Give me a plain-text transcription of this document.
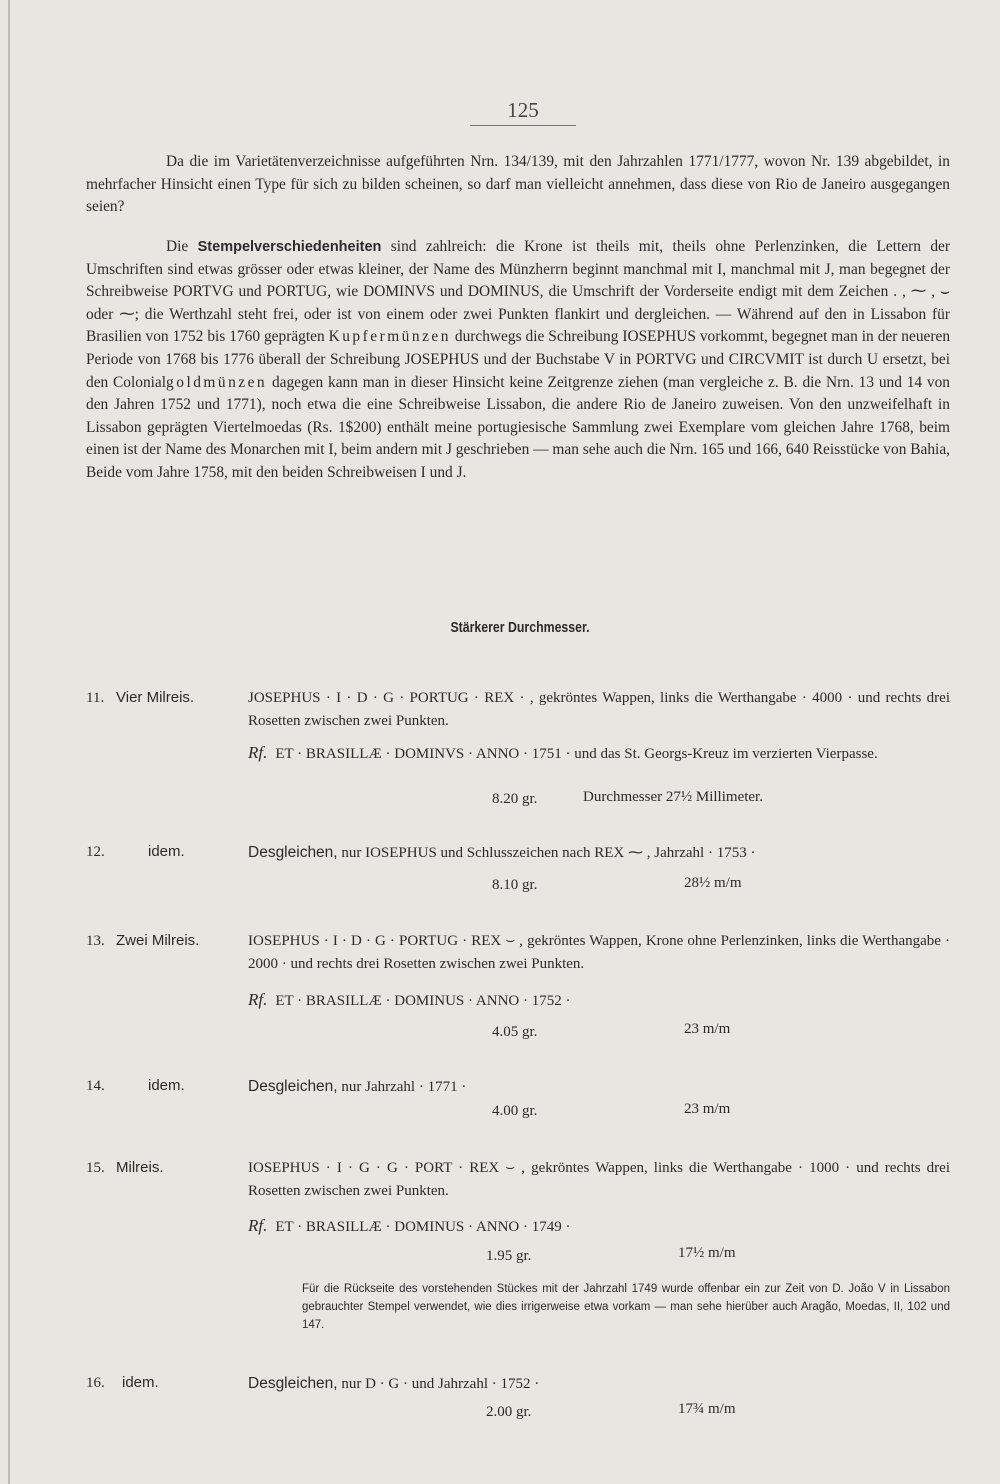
125

Da die im Varietätenverzeichnisse aufgeführten Nrn. 134/139, mit den Jahrzahlen 1771/1777, wovon Nr. 139 abgebildet, in mehrfacher Hinsicht einen Type für sich zu bilden scheinen, so darf man vielleicht annehmen, dass diese von Rio de Janeiro ausgegangen seien?

Die Stempelverschiedenheiten sind zahlreich: die Krone ist theils mit, theils ohne Perlenzinken, die Lettern der Umschriften sind etwas grösser oder etwas kleiner, der Name des Münzherrn beginnt manchmal mit I, manchmal mit J, man begegnet der Schreibweise PORTVG und PORTUG, wie DOMINVS und DOMINUS, die Umschrift der Vorderseite endigt mit dem Zeichen . , ⁓ , ⌣ oder ⁓; die Werthzahl steht frei, oder ist von einem oder zwei Punkten flankirt und dergleichen. — Während auf den in Lissabon für Brasilien von 1752 bis 1760 geprägten Kupfermünzen durchwegs die Schreibung IOSEPHUS vorkommt, begegnet man in der neueren Periode von 1768 bis 1776 überall der Schreibung JOSEPHUS und der Buchstabe V in PORTVG und CIRCVMIT ist durch U ersetzt, bei den Colonialgoldmünzen dagegen kann man in dieser Hinsicht keine Zeitgrenze ziehen (man vergleiche z. B. die Nrn. 13 und 14 von den Jahren 1752 und 1771), noch etwa die eine Schreibweise Lissabon, die andere Rio de Janeiro zuweisen. Von den unzweifelhaft in Lissabon geprägten Viertelmoedas (Rs. 1$200) enthält meine portugiesische Sammlung zwei Exemplare vom gleichen Jahre 1768, beim einen ist der Name des Monarchen mit I, beim andern mit J geschrieben — man sehe auch die Nrn. 165 und 166, 640 Reisstücke von Bahia, Beide vom Jahre 1758, mit den beiden Schreibweisen I und J.

Stärkerer Durchmesser.
11. Vier Milreis.	JOSEPHUS · I · D · G · PORTUG · REX · , gekröntes Wappen, links die Werthangabe · 4000 · und rechts drei Rosetten zwischen zwei Punkten.
Rf. ET · BRASILLÆ · DOMINVS · ANNO · 1751 · und das St. Georgs-Kreuz im verzierten Vierpasse.
8.20 gr.	Durchmesser 27½ Millimeter.
12.	idem.	Desgleichen, nur IOSEPHUS und Schlusszeichen nach REX ⁓ , Jahrzahl · 1753 ·
8.10 gr.	28½ m/m
13. Zwei Milreis.	IOSEPHUS · I · D · G · PORTUG · REX ⌣ , gekröntes Wappen, Krone ohne Perlenzinken, links die Werthangabe · 2000 · und rechts drei Rosetten zwischen zwei Punkten.
Rf. ET · BRASILLÆ · DOMINUS · ANNO · 1752 ·
4.05 gr.	23 m/m
14.	idem.	Desgleichen, nur Jahrzahl · 1771 ·
4.00 gr.	23 m/m
15. Milreis.	IOSEPHUS · I · G · G · PORT · REX ⌣ , gekröntes Wappen, links die Werthangabe · 1000 · und rechts drei Rosetten zwischen zwei Punkten.
Rf. ET · BRASILLÆ · DOMINUS · ANNO · 1749 ·
1.95 gr.	17½ m/m
Für die Rückseite des vorstehenden Stückes mit der Jahrzahl 1749 wurde offenbar ein zur Zeit von D. João V in Lissabon gebrauchter Stempel verwendet, wie dies irrigerweise etwa vorkam — man sehe hierüber auch Aragão, Moedas, II, 102 und 147.
16. idem.	Desgleichen, nur D · G · und Jahrzahl · 1752 ·
2.00 gr.	17¾ m/m
